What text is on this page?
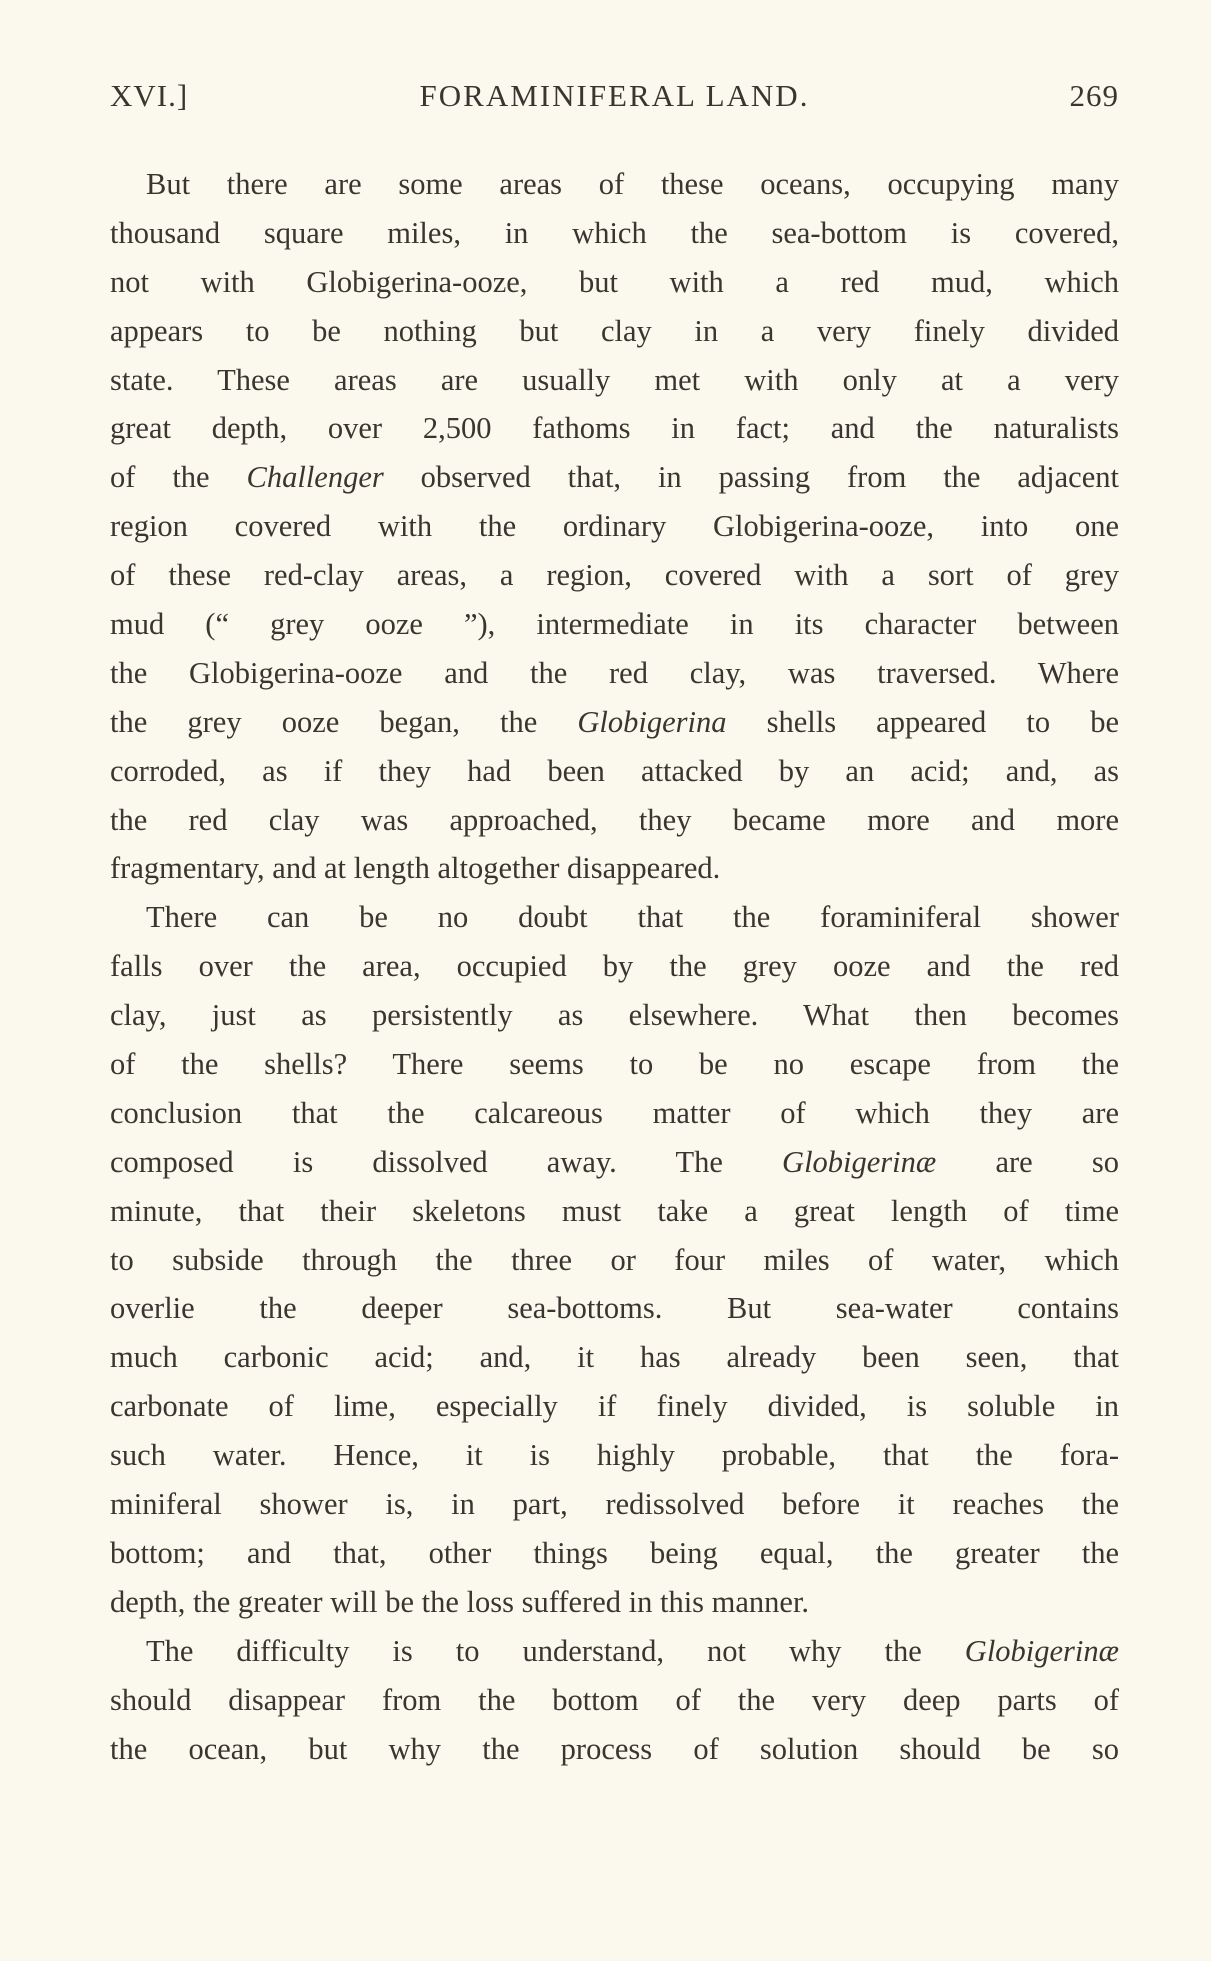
XVI.]	FORAMINIFERAL LAND.	269
But there are some areas of these oceans, occupying many
thousand square miles, in which the sea-bottom is covered,
not with Globigerina-ooze, but with a red mud, which
appears to be nothing but clay in a very finely divided
state. These areas are usually met with only at a very
great depth, over 2,500 fathoms in fact; and the naturalists
of the Challenger observed that, in passing from the adjacent
region covered with the ordinary Globigerina-ooze, into one
of these red-clay areas, a region, covered with a sort of grey
mud (“ grey ooze ”), intermediate in its character between
the Globigerina-ooze and the red clay, was traversed. Where
the grey ooze began, the Globigerina shells appeared to be
corroded, as if they had been attacked by an acid; and, as
the red clay was approached, they became more and more
fragmentary, and at length altogether disappeared.
There can be no doubt that the foraminiferal shower
falls over the area, occupied by the grey ooze and the red
clay, just as persistently as elsewhere. What then becomes
of the shells? There seems to be no escape from the
conclusion that the calcareous matter of which they are
composed is dissolved away. The Globigerinæ are so
minute, that their skeletons must take a great length of time
to subside through the three or four miles of water, which
overlie the deeper sea-bottoms. But sea-water contains
much carbonic acid; and, it has already been seen, that
carbonate of lime, especially if finely divided, is soluble in
such water. Hence, it is highly probable, that the fora-
miniferal shower is, in part, redissolved before it reaches the
bottom; and that, other things being equal, the greater the
depth, the greater will be the loss suffered in this manner.
The difficulty is to understand, not why the Globigerinæ
should disappear from the bottom of the very deep parts of
the ocean, but why the process of solution should be so
